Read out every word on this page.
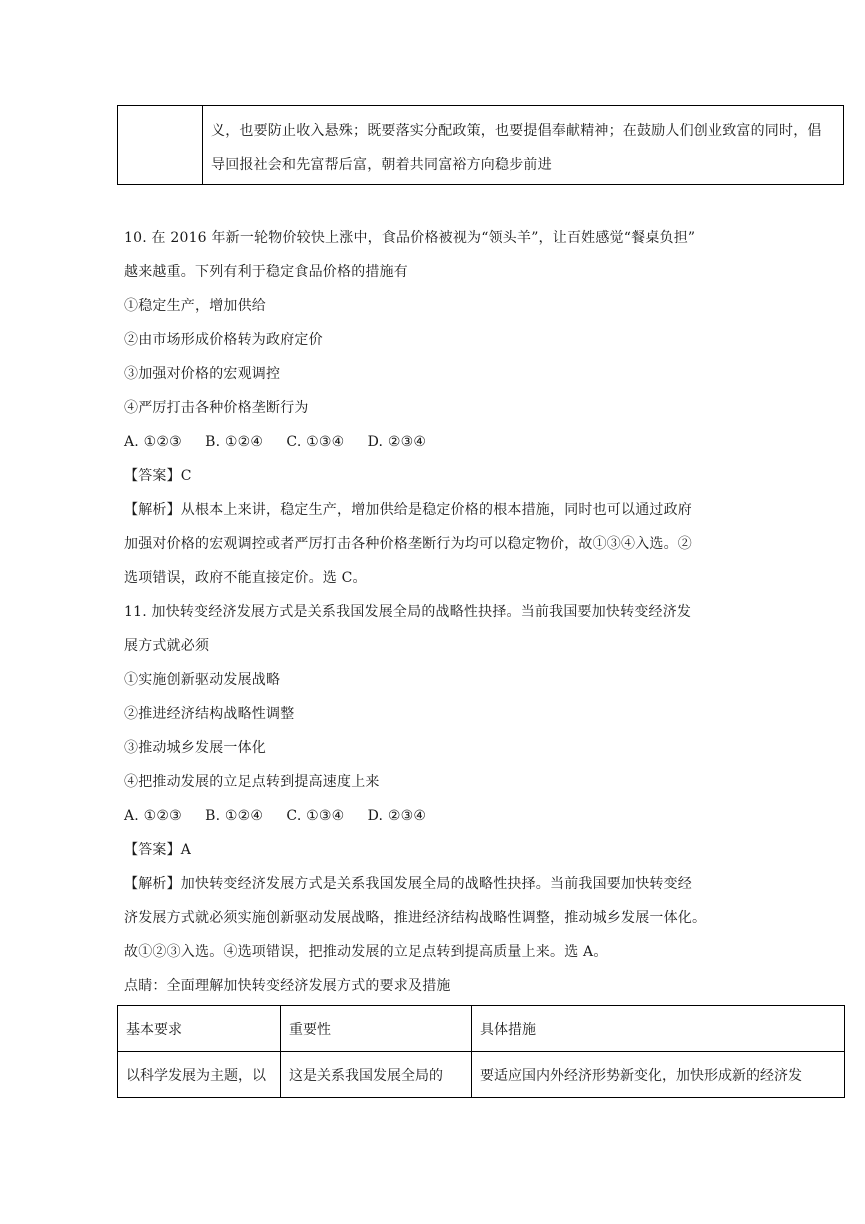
	义，也要防止收入悬殊；既要落实分配政策，也要提倡奉献精神；在鼓励人们创业致富的同时，倡导回报社会和先富帮后富，朝着共同富裕方向稳步前进
10. 在 2016 年新一轮物价较快上涨中，食品价格被视为“领头羊”，让百姓感觉“餐桌负担”
越来越重。下列有利于稳定食品价格的措施有
①稳定生产，增加供给
②由市场形成价格转为政府定价
③加强对价格的宏观调控
④严厉打击各种价格垄断行为
A. ①②③     B. ①②④     C. ①③④     D. ②③④
【答案】C
【解析】从根本上来讲，稳定生产，增加供给是稳定价格的根本措施，同时也可以通过政府
加强对价格的宏观调控或者严厉打击各种价格垄断行为均可以稳定物价，故①③④入选。②
选项错误，政府不能直接定价。选 C。
11. 加快转变经济发展方式是关系我国发展全局的战略性抉择。当前我国要加快转变经济发
展方式就必须
①实施创新驱动发展战略
②推进经济结构战略性调整
③推动城乡发展一体化
④把推动发展的立足点转到提高速度上来
A. ①②③     B. ①②④     C. ①③④     D. ②③④
【答案】A
【解析】加快转变经济发展方式是关系我国发展全局的战略性抉择。当前我国要加快转变经
济发展方式就必须实施创新驱动发展战略，推进经济结构战略性调整，推动城乡发展一体化。
故①②③入选。④选项错误，把推动发展的立足点转到提高质量上来。选 A。
点睛：全面理解加快转变经济发展方式的要求及措施
基本要求	重要性	具体措施
以科学发展为主题，以	这是关系我国发展全局的	要适应国内外经济形势新变化，加快形成新的经济发
